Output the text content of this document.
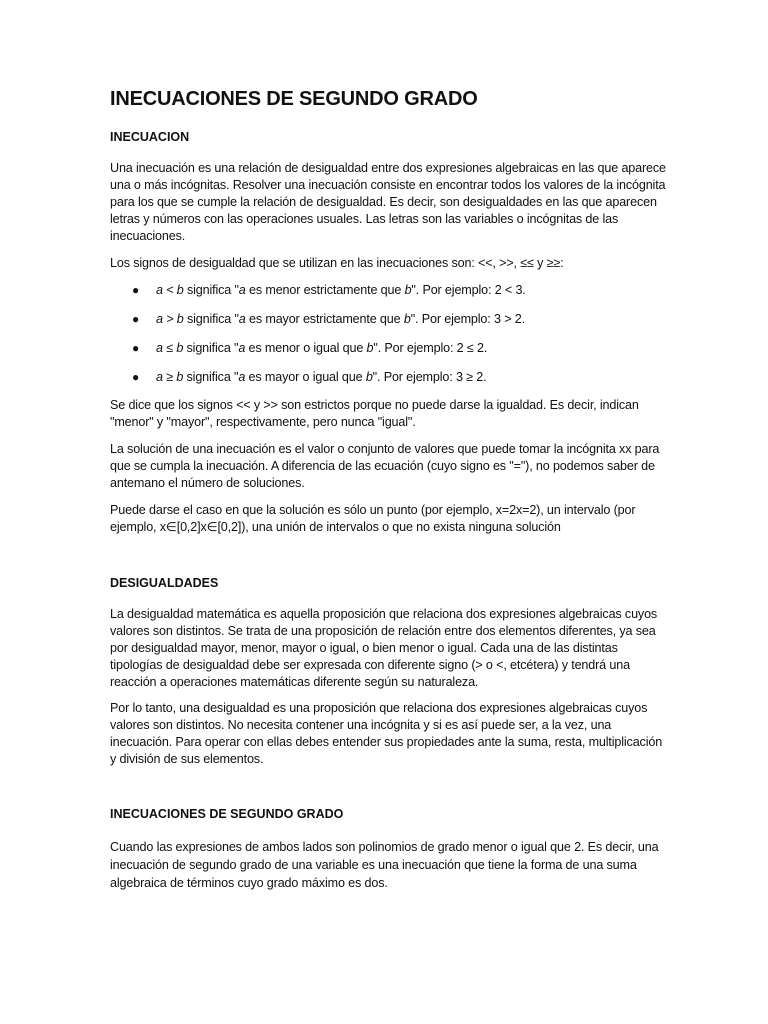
INECUACIONES DE SEGUNDO GRADO
INECUACION

Una inecuación es una relación de desigualdad entre dos expresiones algebraicas en las que aparece una o más incógnitas. Resolver una inecuación consiste en encontrar todos los valores de la incógnita para los que se cumple la relación de desigualdad. Es decir, son desigualdades en las que aparecen letras y números con las operaciones usuales. Las letras son las variables o incógnitas de las inecuaciones.

Los signos de desigualdad que se utilizan en las inecuaciones son: <<, >>, ≤≤ y ≥≥:

● a < b significa "a es menor estrictamente que b". Por ejemplo: 2 < 3.
● a > b significa "a es mayor estrictamente que b". Por ejemplo: 3 > 2.
● a ≤ b significa "a es menor o igual que b". Por ejemplo: 2 ≤ 2.
● a ≥ b significa "a es mayor o igual que b". Por ejemplo: 3 ≥ 2.

Se dice que los signos << y >> son estrictos porque no puede darse la igualdad. Es decir, indican "menor" y "mayor", respectivamente, pero nunca "igual".

La solución de una inecuación es el valor o conjunto de valores que puede tomar la incógnita xx para que se cumpla la inecuación. A diferencia de las ecuación (cuyo signo es "="), no podemos saber de antemano el número de soluciones.

Puede darse el caso en que la solución es sólo un punto (por ejemplo, x=2x=2), un intervalo (por ejemplo, x∈[0,2]x∈[0,2]), una unión de intervalos o que no exista ninguna solución

DESIGUALDADES

La desigualdad matemática es aquella proposición que relaciona dos expresiones algebraicas cuyos valores son distintos. Se trata de una proposición de relación entre dos elementos diferentes, ya sea por desigualdad mayor, menor, mayor o igual, o bien menor o igual. Cada una de las distintas tipologías de desigualdad debe ser expresada con diferente signo (> o <, etcétera) y tendrá una reacción a operaciones matemáticas diferente según su naturaleza.

Por lo tanto, una desigualdad es una proposición que relaciona dos expresiones algebraicas cuyos valores son distintos. No necesita contener una incógnita y si es así puede ser, a la vez, una inecuación. Para operar con ellas debes entender sus propiedades ante la suma, resta, multiplicación y división de sus elementos.

INECUACIONES DE SEGUNDO GRADO

Cuando las expresiones de ambos lados son polinomios de grado menor o igual que 2. Es decir, una inecuación de segundo grado de una variable es una inecuación que tiene la forma de una suma algebraica de términos cuyo grado máximo es dos.
